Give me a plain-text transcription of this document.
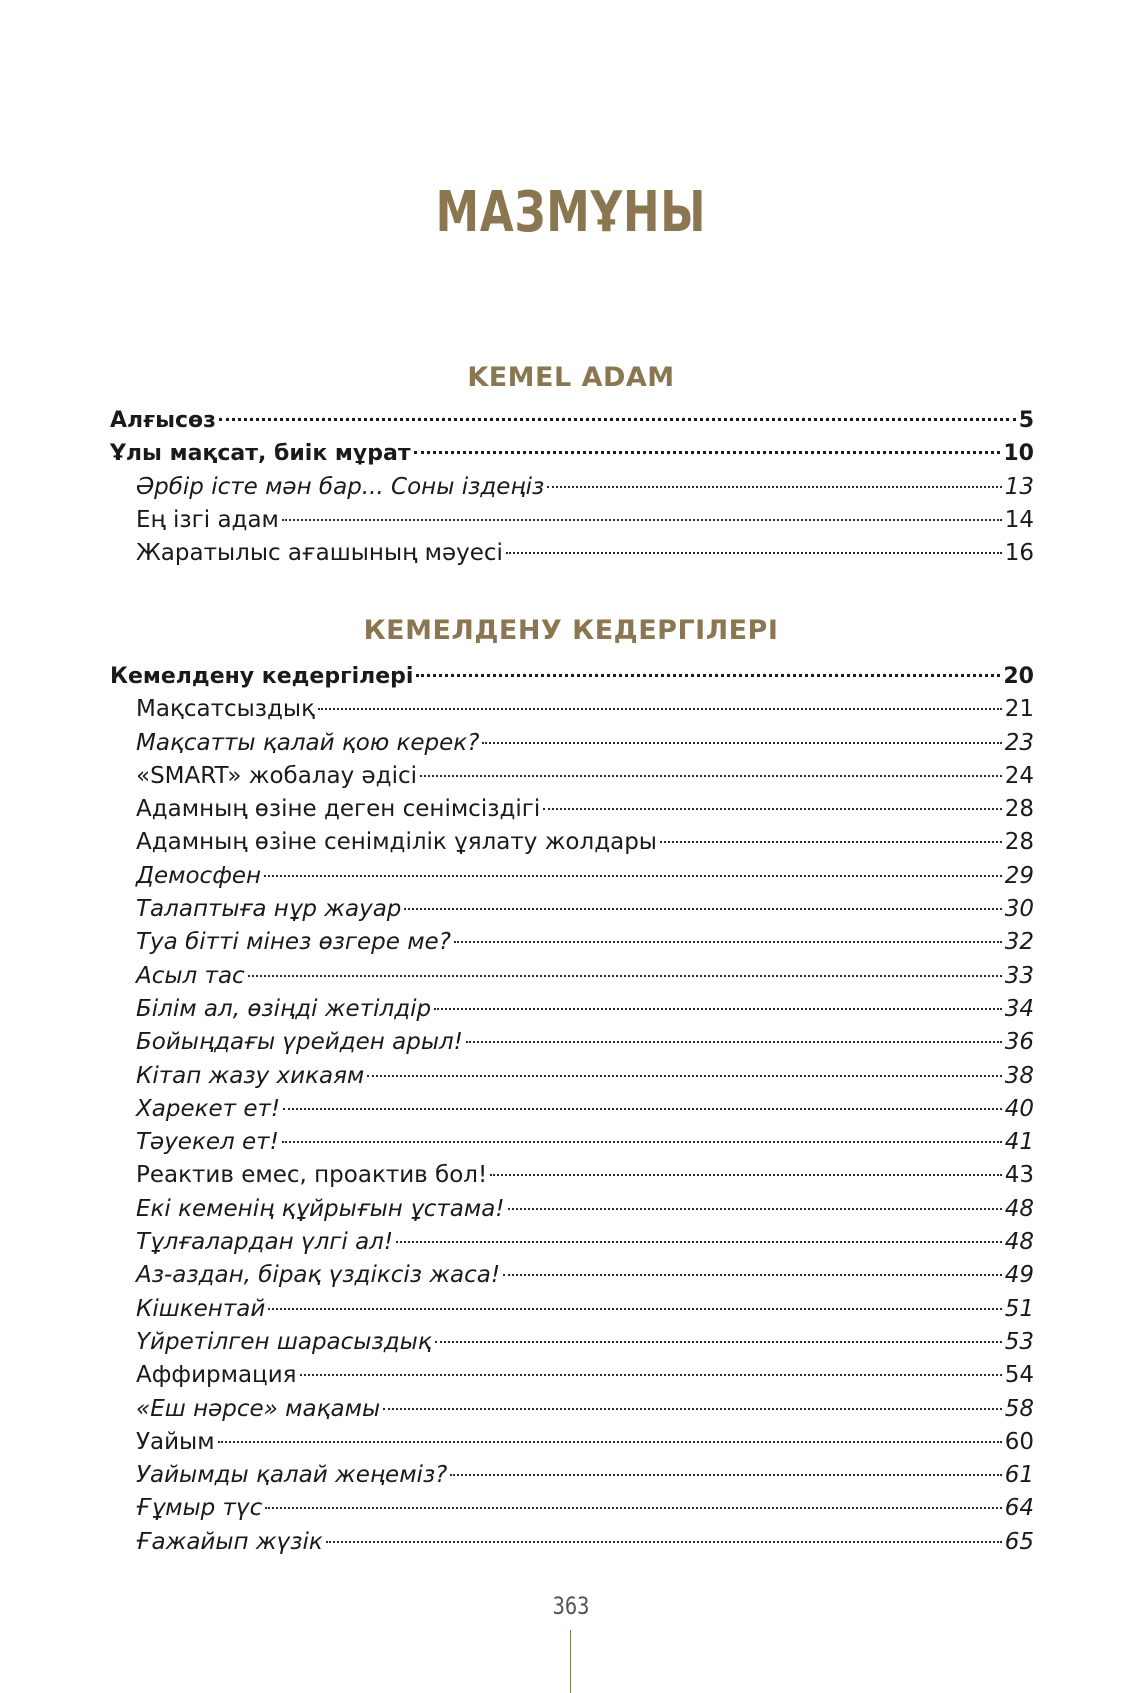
МАЗМҰНЫ
KEMEL ADAM
Алғысөз	5
Ұлы мақсат, биік мұрат	10
Әрбір істе мән бар... Соны іздеңіз	13
Ең ізгі адам	14
Жаратылыс ағашының мәуесі	16
КЕМЕЛДЕНУ КЕДЕРГІЛЕРІ
Кемелдену кедергілері	20
Мақсатсыздық	21
Мақсатты қалай қою керек?	23
«SMART» жобалау әдісі	24
Адамның өзіне деген сенімсіздігі	28
Адамның өзіне сенімділік ұялату жолдары	28
Демосфен	29
Талаптыға нұр жауар	30
Туа бітті мінез өзгере ме?	32
Асыл тас	33
Білім ал, өзіңді жетілдір	34
Бойыңдағы үрейден арыл!	36
Кітап жазу хикаям	38
Харекет ет!	40
Тәуекел ет!	41
Реактив емес, проактив бол!	43
Екі кеменің құйрығын ұстама!	48
Тұлғалардан үлгі ал!	48
Аз-аздан, бірақ үздіксіз жаса!	49
Кішкентай	51
Үйретілген шарасыздық	53
Аффирмация	54
«Еш нәрсе» мақамы	58
Уайым	60
Уайымды қалай жеңеміз?	61
Ғұмыр түс	64
Ғажайып жүзік	65
363
